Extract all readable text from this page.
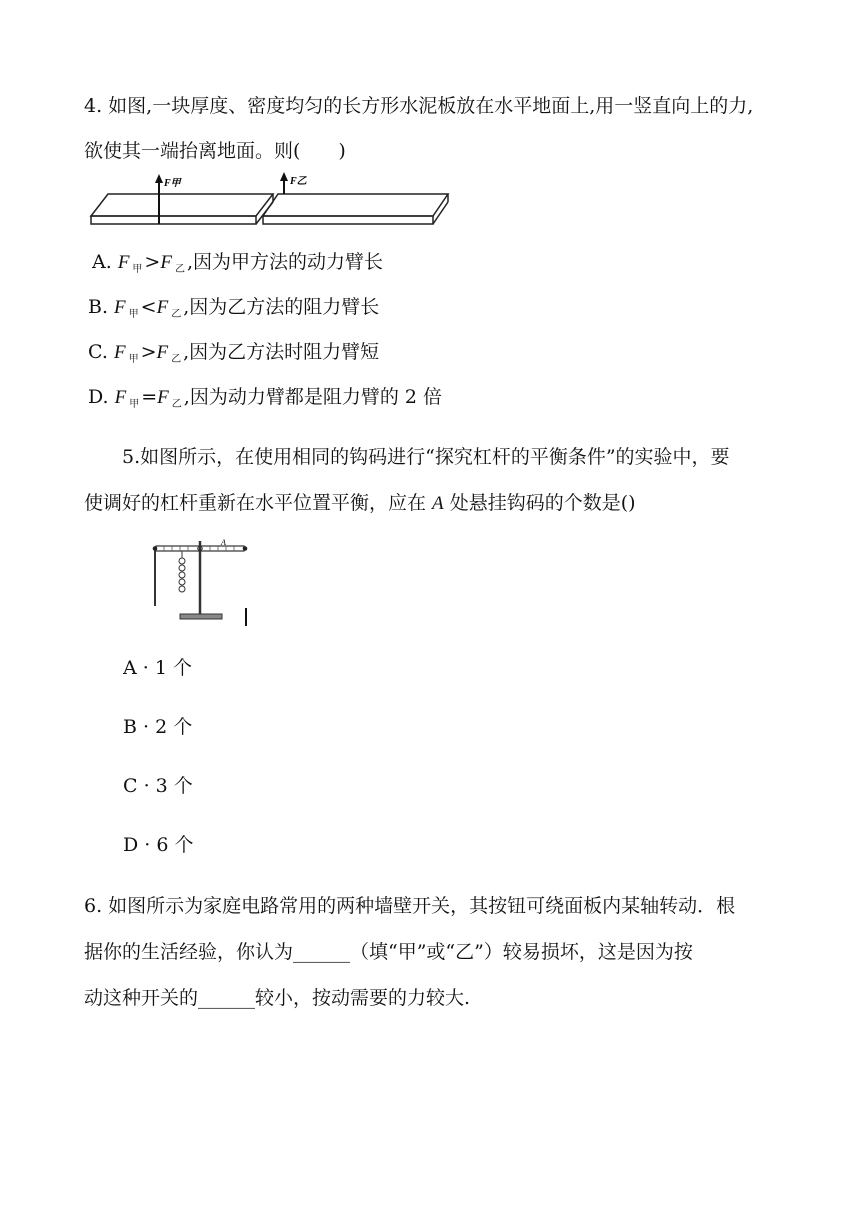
4. 如图,一块厚度、密度均匀的长方形水泥板放在水平地面上,用一竖直向上的力,
欲使其一端抬离地面。则(　　)
F甲	F乙
A. F $_甲$ >F $_乙$ ,因为甲方法的动力臂长
B. F $_甲$ <F $_乙$ ,因为乙方法的阻力臂长
C. F $_甲$ >F $_乙$ ,因为乙方法时阻力臂短
D. F $_甲$ =F $_乙$ ,因为动力臂都是阻力臂的 2 倍
5.如图所示，在使用相同的钩码进行“探究杠杆的平衡条件”的实验中，要
使调好的杠杆重新在水平位置平衡，应在 A 处悬挂钩码的个数是()
A
A · 1 个
B · 2 个
C · 3 个
D · 6 个
6. 如图所示为家庭电路常用的两种墙壁开关，其按钮可绕面板内某轴转动．根
据你的生活经验，你认为______（填“甲”或“乙”）较易损坏，这是因为按
动这种开关的______较小，按动需要的力较大.
